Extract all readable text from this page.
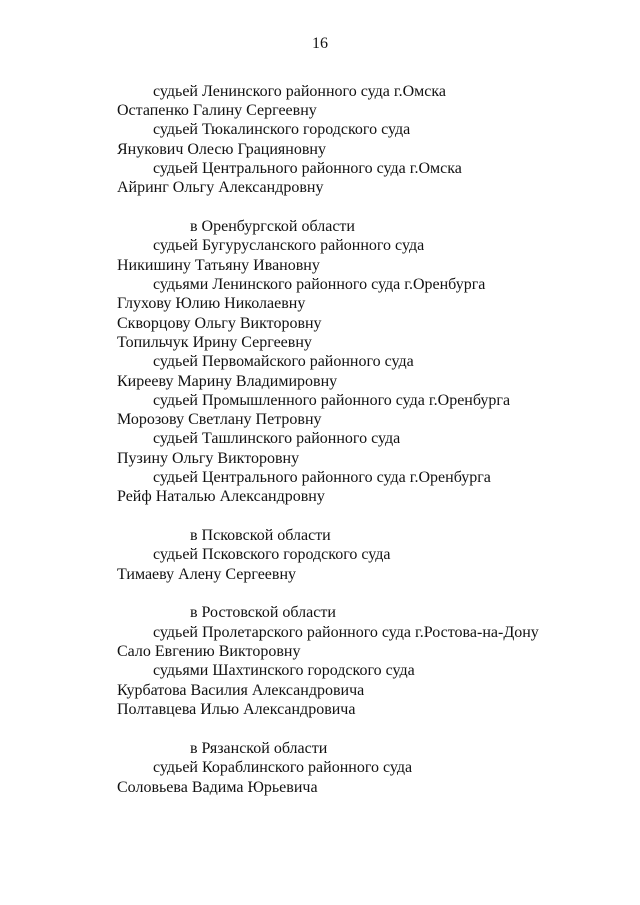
16
судьей Ленинского районного суда г.Омска
Остапенко Галину Сергеевну
судьей Тюкалинского городского суда
Янукович Олесю Грацияновну
судьей Центрального районного суда г.Омска
Айринг Ольгу Александровну
в Оренбургской области
судьей Бугурусланского районного суда
Никишину Татьяну Ивановну
судьями Ленинского районного суда г.Оренбурга
Глухову Юлию Николаевну
Скворцову Ольгу Викторовну
Топильчук Ирину Сергеевну
судьей Первомайского районного суда
Кирееву Марину Владимировну
судьей Промышленного районного суда г.Оренбурга
Морозову Светлану Петровну
судьей Ташлинского районного суда
Пузину Ольгу Викторовну
судьей Центрального районного суда г.Оренбурга
Рейф Наталью Александровну
в Псковской области
судьей Псковского городского суда
Тимаеву Алену Сергеевну
в Ростовской области
судьей Пролетарского районного суда г.Ростова-на-Дону
Сало Евгению Викторовну
судьями Шахтинского городского суда
Курбатова Василия Александровича
Полтавцева Илью Александровича
в Рязанской области
судьей Кораблинского районного суда
Соловьева Вадима Юрьевича
